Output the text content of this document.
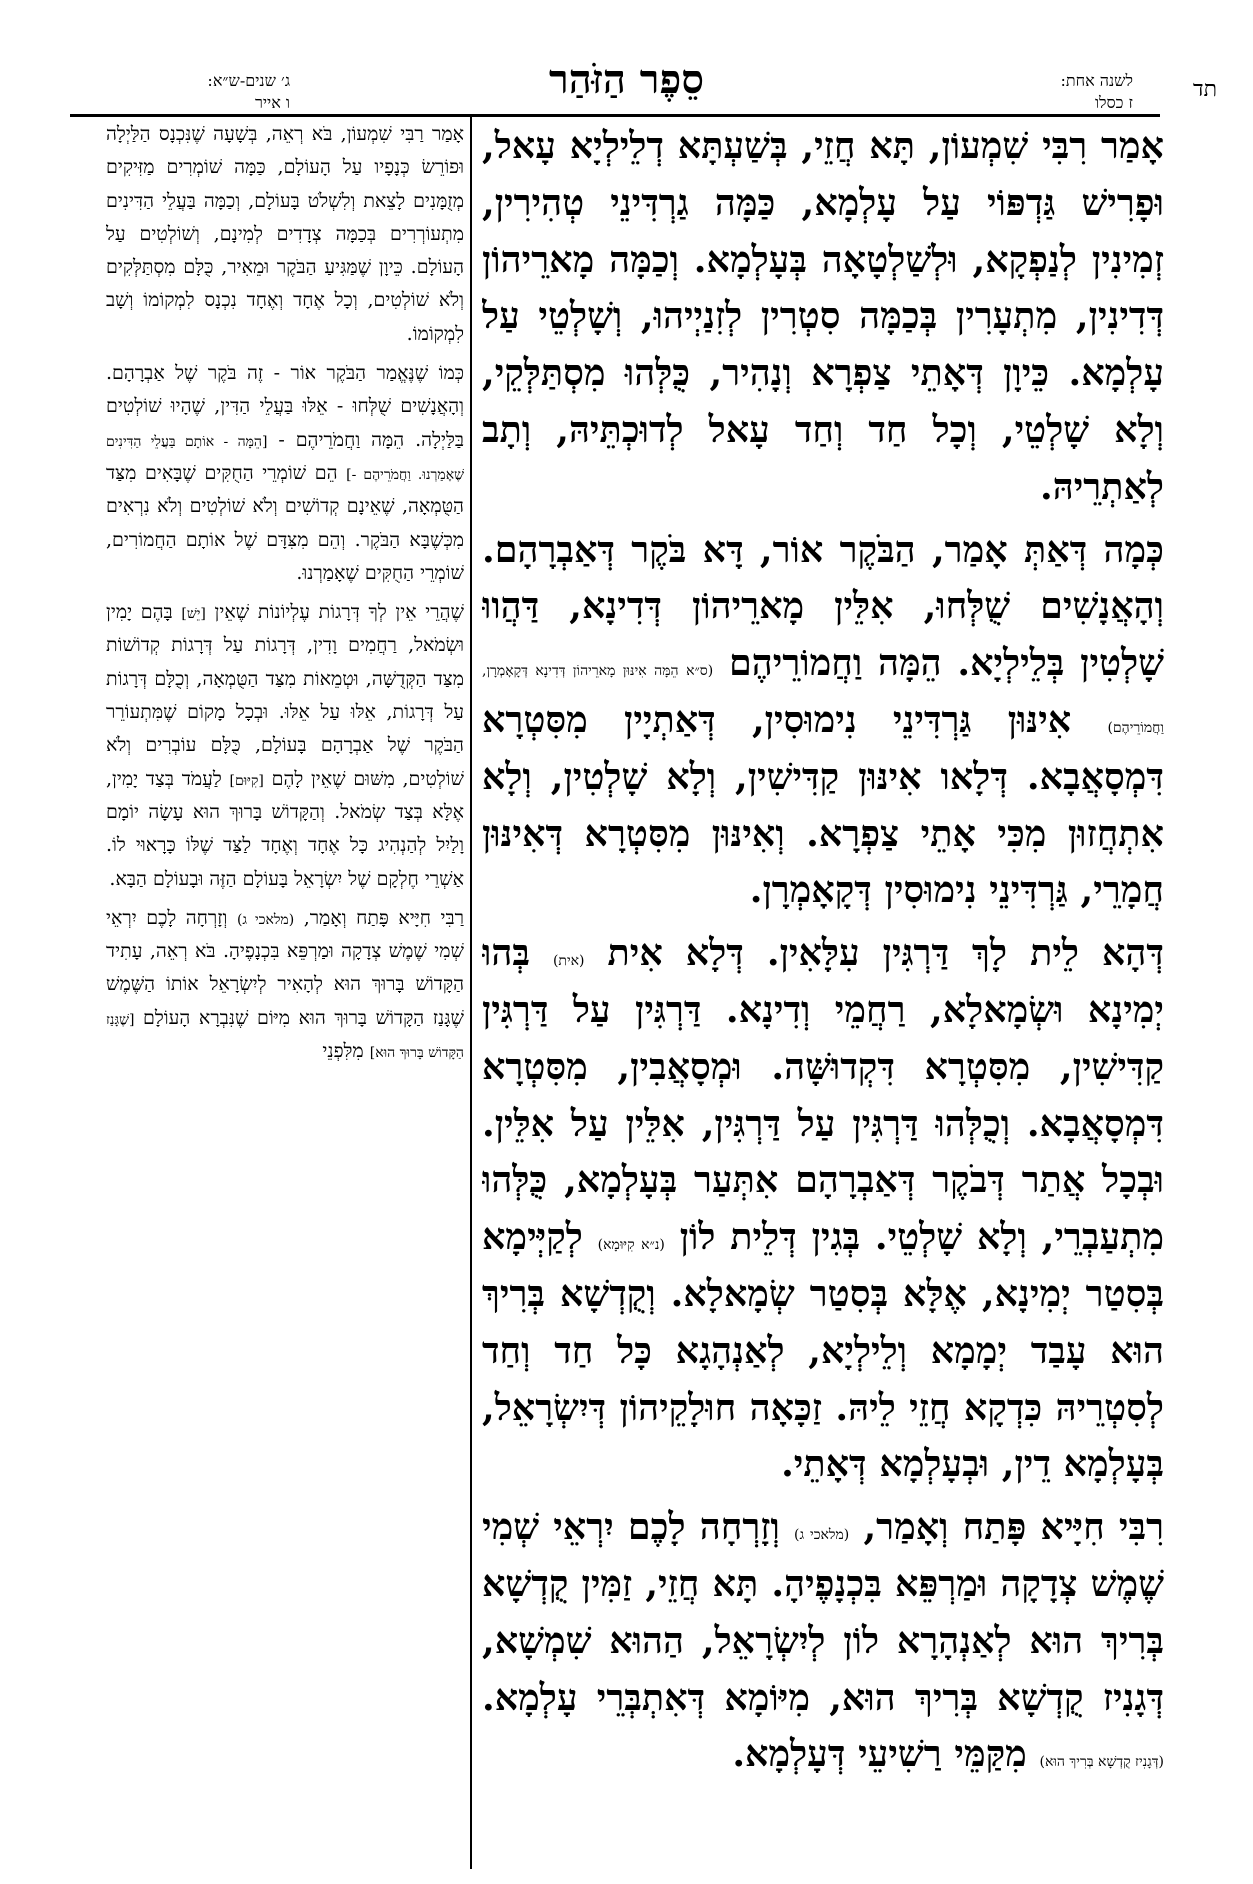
תד
לשנה אחת:
ז כסלו
סֵפֶר הַזֹּהַר
ג׳ שנים-ש״א:
ו אייר

אָמַר רִבִּי שִׁמְעוֹן, תָּא חֲזֵי, בְּשַׁעְתָּא דְלֵילְיָא עָאל, וּפָרִישׁ גַּדְפּוֹי עַל עָלְמָא, כַּמָּה גַרְדִּינֵי טְהִירִין, זְמִינִין לְנַפְקָא, וּלְשַׁלְטָאָה בְּעָלְמָא. וְכַמָּה מָארֵיהוֹן דְּדִינִין, מִתְעָרִין בְּכַמָּה סִטְרִין לְזִנַיְיהוּ, וְשָׁלְטֵי עַל עָלְמָא. כֵּיוָן דְּאָתֵי צַפְרָא וְנָהִיר, כֻּלְּהוּ מִסְתַּלְּקֵי, וְלָא שָׁלְטֵי, וְכָל חַד וְחַד עָאל לְדוּכְתֵּיהּ, וְתָב לְאַתְרֵיהּ.

כְּמָה דְּאַתְּ אָמַר, הַבֹּקֶר אוֹר, דָּא בֹּקֶר דְּאַבְרָהָם. וְהָאֲנָשִׁים שֻׁלְּחוּ, אִלֵּין מָארֵיהוֹן דְּדִינָא, דַּהֲווּ שָׁלְטִין בְּלֵילְיָא. הֵמָּה וַחֲמוֹרֵיהֶם (ס״א הֵמָּה אִינּוּן מָארֵיהוֹן דְּדִינָא דְּקָאָמְרָן, וַחֲמוֹרֵיהֶם) אִינּוּן גַּרְדִּינֵי נִימוּסִין, דְּאַתְיָין מִסִּטְרָא דִּמְסָאֲבָא. דְּלָאו אִינּוּן קַדִּישִׁין, וְלָא שָׁלְטִין, וְלָא אִתְחֲזוּן מִכִּי אָתֵי צַפְרָא. וְאִינּוּן מִסִּטְרָא דְּאִינּוּן חֲמָרֵי, גַּרְדִּינֵי נִימוּסִין דְּקָאָמְרָן.

דְּהָא לֵית לָךְ דַּרְגִּין עִלָּאִין. דְּלָא אִית (אית) בְּהוּ יְמִינָא וּשְׂמָאלָא, רַחֲמֵי וְדִינָא. דַּרְגִּין עַל דַּרְגִּין קַדִּישִׁין, מִסִּטְרָא דִּקְדוּשָּׁה. וּמְסָאֲבִין, מִסִּטְרָא דִּמְסָאֲבָא. וְכֻלְּהוּ דַּרְגִּין עַל דַּרְגִּין, אִלֵּין עַל אִלֵּין. וּבְכָל אֲתַר דְּבֹקֶר דְּאַבְרָהָם אִתְּעַר בְּעָלְמָא, כֻּלְּהוּ מִתְעַבְרֵי, וְלָא שָׁלְטֵי. בְּגִין דְּלֵית לוֹן (נ״א קִיּוּמָא) לְקַיְּימָא בְּסִטַר יְמִינָא, אֶלָּא בְּסִטַר שְׂמָאלָא. וְקֻדְשָׁא בְּרִיךְ הוּא עָבַד יְמָמָא וְלֵילְיָא, לְאַנְהָגָא כָּל חַד וְחַד לְסִטְרֵיהּ כִּדְקָא חֲזֵי לֵיהּ. זַכָּאָה חוּלָקֵיהוֹן דְּיִשְׂרָאֵל, בְּעָלְמָא דֵין, וּבְעָלְמָא דְּאָתֵי.

רִבִּי חִיָּיא פָּתַח וְאָמַר, (מלאכי ג) וְזָרְחָה לָכֶם יִרְאֵי שְׁמִי שֶׁמֶשׁ צְדָקָה וּמַרְפֵּא בִּכְנָפֶיהָ. תָּא חֲזֵי, זַמִּין קֻדְשָׁא בְּרִיךְ הוּא לְאַנְהָרָא לוֹן לְיִשְׂרָאֵל, הַהוּא שִׁמְשָׁא, דְּגָנִיז קֻדְשָׁא בְּרִיךְ הוּא, מִיּוֹמָא דְּאִתְבְּרֵי עָלְמָא. (דְּגָנִיז קֻדְשָׁא בְּרִיךְ הוּא) מִקַּמֵּי רַשִׁיעֵי דְּעָלְמָא.

אָמַר רַבִּי שִׁמְעוֹן, בֹּא רְאֵה, בְּשָׁעָה שֶׁנִּכְנָס הַלַּיְלָה וּפוֹרֵשׂ כְּנָפָיו עַל הָעוֹלָם, כַּמָּה שׁוֹמְרִים מַזִּיקִים מְזֻמָּנִים לָצֵאת וְלִשְׁלֹט בָּעוֹלָם, וְכַמָּה בַּעֲלֵי הַדִּינִים מִתְעוֹרְרִים בְּכַמָּה צְדָדִים לְמִינָם, וְשׁוֹלְטִים עַל הָעוֹלָם. כֵּיוָן שֶׁמַּגִּיעַ הַבֹּקֶר וּמֵאִיר, כֻּלָּם מִסְתַּלְּקִים וְלֹא שׁוֹלְטִים, וְכָל אֶחָד וְאֶחָד נִכְנָס לִמְקוֹמוֹ וְשָׁב לִמְקוֹמוֹ.

כְּמוֹ שֶׁנֶּאֱמַר הַבֹּקֶר אוֹר - זֶה בֹּקֶר שֶׁל אַבְרָהָם. וְהָאֲנָשִׁים שֻׁלְּחוּ - אֵלּוּ בַּעֲלֵי הַדִּין, שֶׁהָיוּ שׁוֹלְטִים בַּלַּיְלָה. הֵמָּה וַחֲמֹרֵיהֶם - [הֵמָּה - אוֹתָם בַּעֲלֵי הַדִּינִים שֶׁאָמַרְנוּ. וַחֲמֹרֵיהֶם -] הֵם שׁוֹמְרֵי הַחֻקִּים שֶׁבָּאִים מִצַּד הַטֻּמְאָה, שֶׁאֵינָם קְדוֹשִׁים וְלֹא שׁוֹלְטִים וְלֹא נִרְאִים מִכְּשֶׁבָּא הַבֹּקֶר. וְהֵם מִצִּדָּם שֶׁל אוֹתָם הַחֲמוֹרִים, שׁוֹמְרֵי הַחֻקִּים שֶׁאָמַרְנוּ.

שֶׁהֲרֵי אֵין לְךָ דְּרָגוֹת עֶלְיוֹנוֹת שֶׁאֵין [יֵשׁ] בָּהֶם יָמִין וּשְׂמֹאל, רַחֲמִים וָדִין, דְּרָגוֹת עַל דְּרָגוֹת קְדוֹשׁוֹת מִצַּד הַקְּדֻשָּׁה, וּטְמֵאוֹת מִצַּד הַטֻּמְאָה, וְכֻלָּם דְּרָגוֹת עַל דְּרָגוֹת, אֵלּוּ עַל אֵלּוּ. וּבְכָל מָקוֹם שֶׁמִּתְעוֹרֵר הַבֹּקֶר שֶׁל אַבְרָהָם בָּעוֹלָם, כֻּלָּם עוֹבְרִים וְלֹא שׁוֹלְטִים, מִשּׁוּם שֶׁאֵין לָהֶם [קִיּוּם] לַעֲמֹד בְּצַד יָמִין, אֶלָּא בְּצַד שְׂמֹאל. וְהַקָּדוֹשׁ בָּרוּךְ הוּא עָשָׂה יוֹמָם וָלַיִל לְהַנְהִיג כָּל אֶחָד וְאֶחָד לַצַּד שֶׁלּוֹ כָּרָאוּי לוֹ. אַשְׁרֵי חֶלְקָם שֶׁל יִשְׂרָאֵל בָּעוֹלָם הַזֶּה וּבָעוֹלָם הַבָּא.

רַבִּי חִיָּיא פָּתַח וְאָמַר, (מלאכי ג) וְזָרְחָה לָכֶם יִרְאֵי שְׁמִי שֶׁמֶשׁ צְדָקָה וּמַרְפֵּא בִּכְנָפֶיהָ. בֹּא רְאֵה, עָתִיד הַקָּדוֹשׁ בָּרוּךְ הוּא לְהָאִיר לְיִשְׂרָאֵל אוֹתוֹ הַשֶּׁמֶשׁ שֶׁגָּנַז הַקָּדוֹשׁ בָּרוּךְ הוּא מִיּוֹם שֶׁנִּבְרָא הָעוֹלָם [שֶׁגָּנַז הַקָּדוֹשׁ בָּרוּךְ הוּא] מִלִּפְנֵי
